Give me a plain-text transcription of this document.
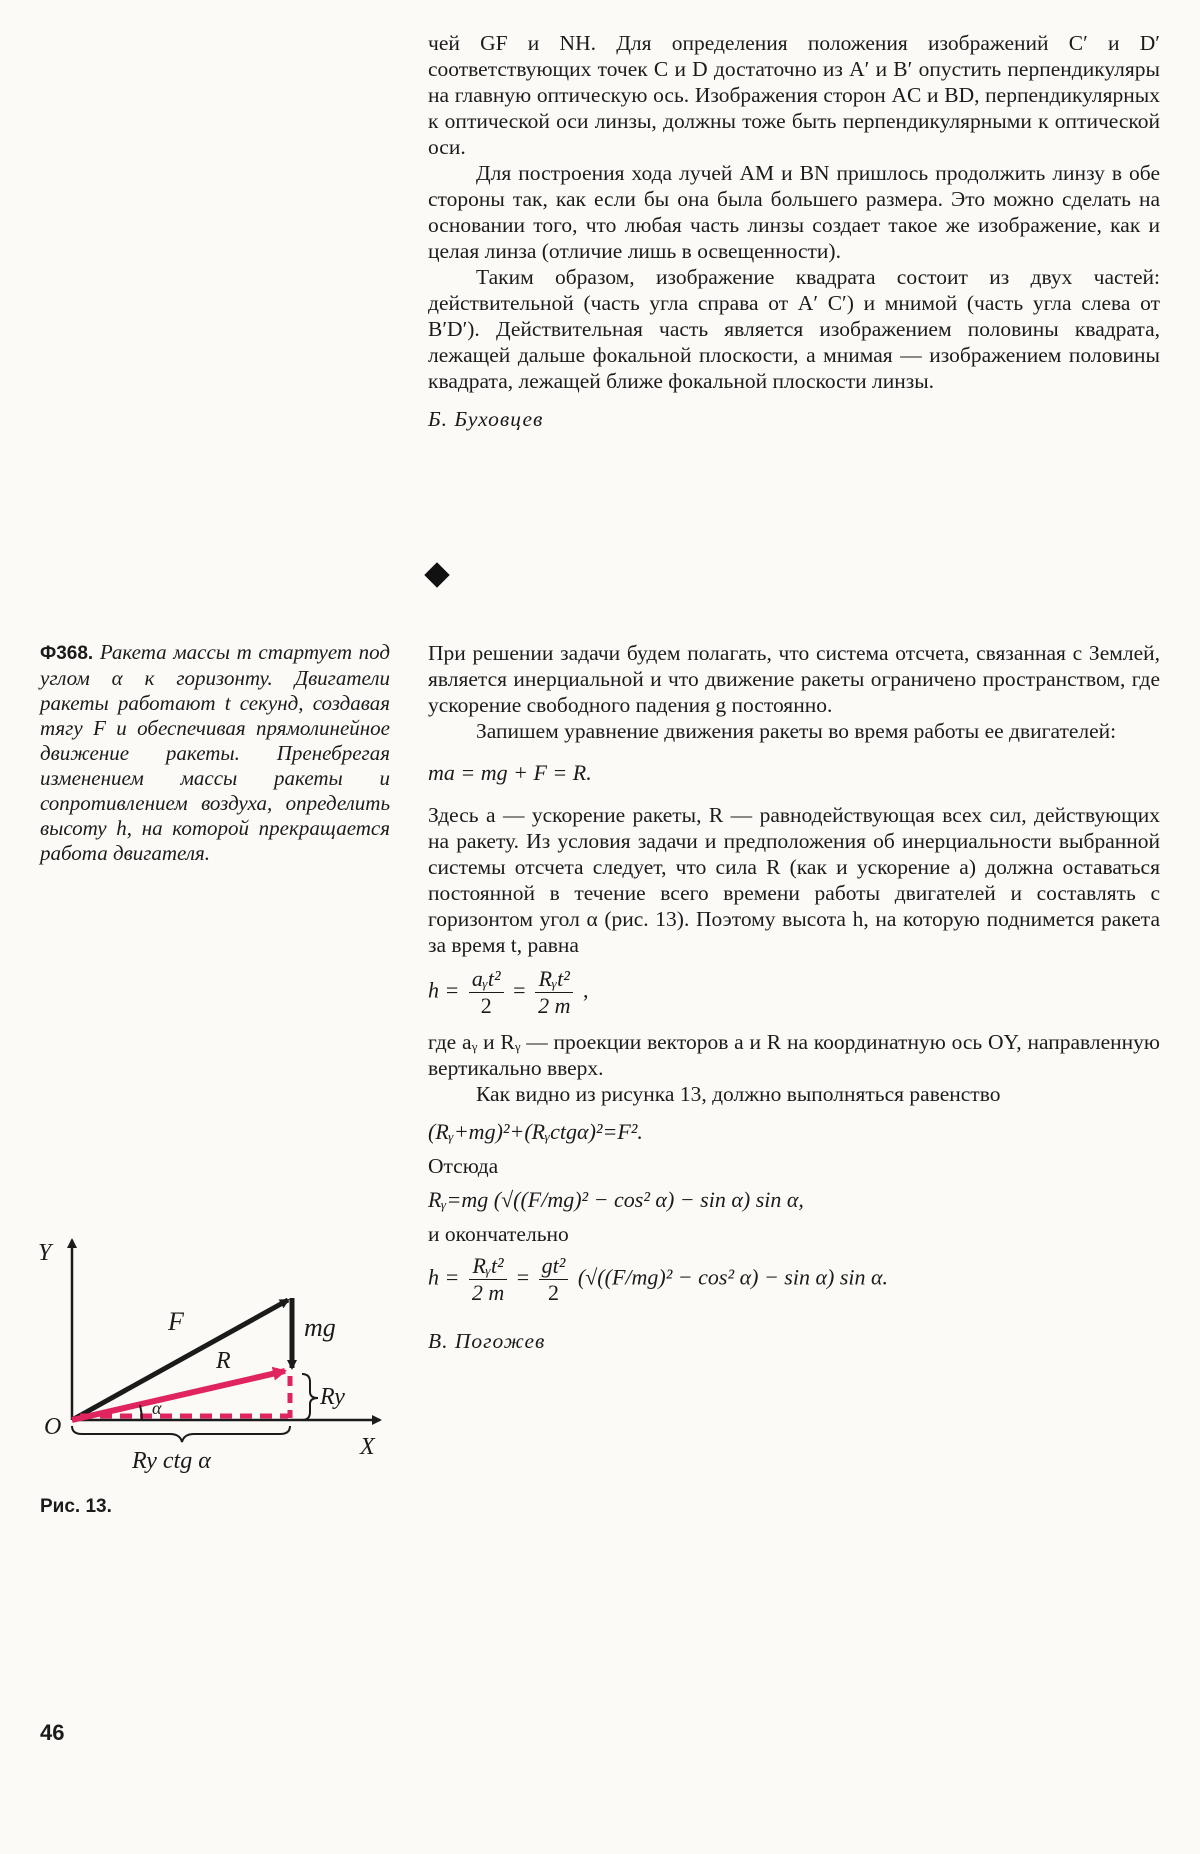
чей GF и NH. Для определения положения изображений C′ и D′ соответствующих точек C и D достаточно из A′ и B′ опустить перпендикуляры на главную оптическую ось. Изображения сторон AC и BD, перпендикулярных к оптической оси линзы, должны тоже быть перпендикулярными к оптической оси.

Для построения хода лучей AM и BN пришлось продолжить линзу в обе стороны так, как если бы она была большего размера. Это можно сделать на основании того, что любая часть линзы создает такое же изображение, как и целая линза (отличие лишь в освещенности).

Таким образом, изображение квадрата состоит из двух частей: действительной (часть угла справа от A′ C′) и мнимой (часть угла слева от B′D′). Действительная часть является изображением половины квадрата, лежащей дальше фокальной плоскости, а мнимая — изображением половины квадрата, лежащей ближе фокальной плоскости линзы.

Б. Буховцев

Ф368. Ракета массы m стартует под углом α к горизонту. Двигатели ракеты работают t секунд, создавая тягу F и обеспечивая прямолинейное движение ракеты. Пренебрегая изменением массы ракеты и сопротивлением воздуха, определить высоту h, на которой прекращается работа двигателя.

При решении задачи будем полагать, что система отсчета, связанная с Землей, является инерциальной и что движение ракеты ограничено пространством, где ускорение свободного падения g постоянно.

Запишем уравнение движения ракеты во время работы ее двигателей:

ma = mg + F = R.

Здесь a — ускорение ракеты, R — равнодействующая всех сил, действующих на ракету. Из условия задачи и предположения об инерциальности выбранной системы отсчета следует, что сила R (как и ускорение a) должна оставаться постоянной в течение всего времени работы двигателей и составлять с горизонтом угол α (рис. 13). Поэтому высота h, на которую поднимется ракета за время t, равна

$h = \frac{\text{aᵧt²}}{2} = \frac{\text{Rᵧt²}}{2 m}$ ,

где aᵧ и Rᵧ — проекции векторов a и R на координатную ось OY, направленную вертикально вверх.

Как видно из рисунка 13, должно выполняться равенство

(Rᵧ+mg)²+(Rᵧctgα)²=F².

Отсюда

Rᵧ=mg (√((F/mg)² − cos² α) − sin α) sin α,

и окончательно

$h = \frac{\text{Rᵧt²}}{2 m} = \frac{\text{gt²}}{2} (√((F/mg)^2 - \cos^2$ α) − sin α) sin α.

В. Погожев

Y
X
O
F
R
mg
Ry
α
Ry ctg α
Рис. 13.
46
